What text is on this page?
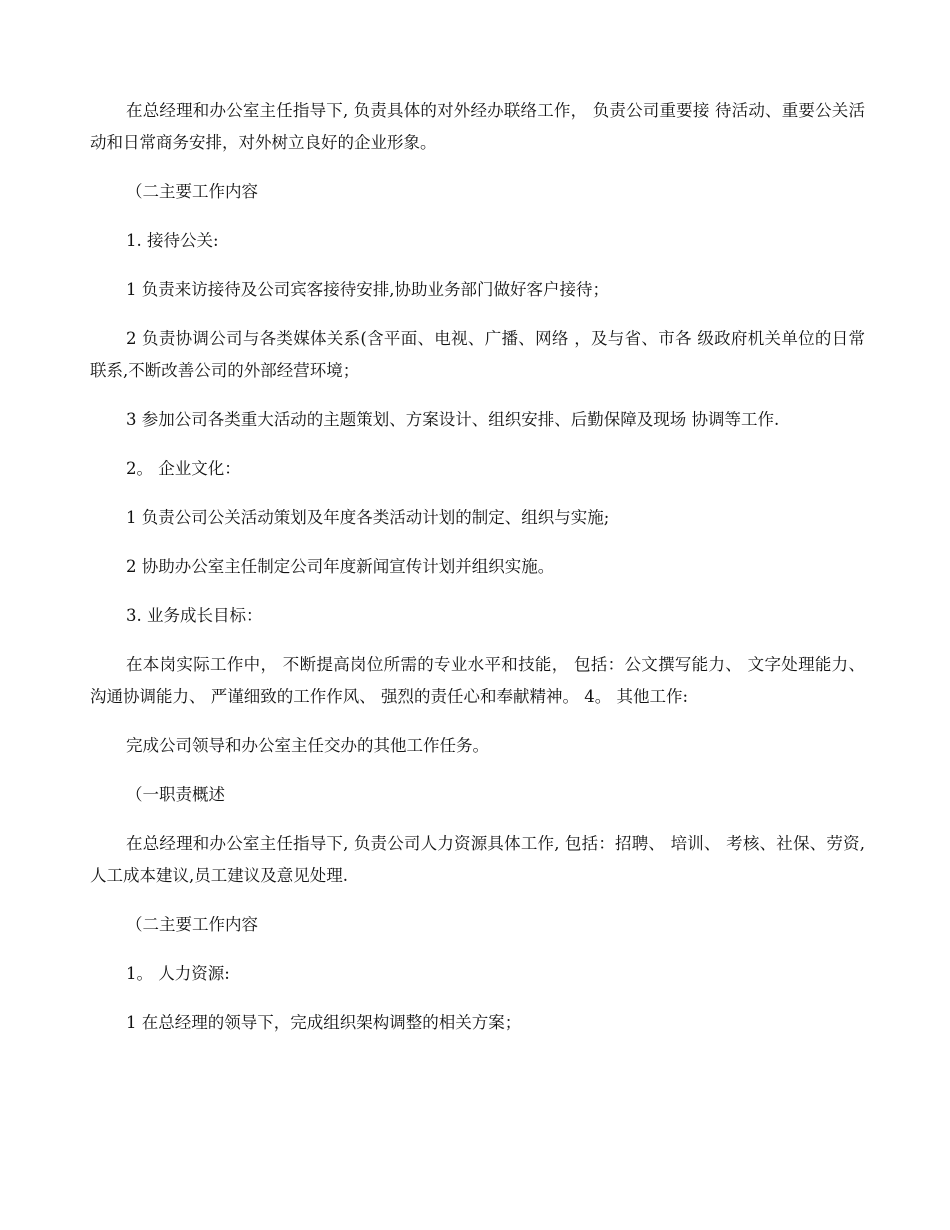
在总经理和办公室主任指导下, 负责具体的对外经办联络工作， 负责公司重要接 待活动、重要公关活动和日常商务安排，对外树立良好的企业形象。

（二主要工作内容

1. 接待公关:

1 负责来访接待及公司宾客接待安排,协助业务部门做好客户接待；

2 负责协调公司与各类媒体关系(含平面、电视、广播、网络 ，及与省、市各 级政府机关单位的日常联系,不断改善公司的外部经营环境；

3 参加公司各类重大活动的主题策划、方案设计、组织安排、后勤保障及现场 协调等工作.

2。 企业文化：

1 负责公司公关活动策划及年度各类活动计划的制定、组织与实施;

2 协助办公室主任制定公司年度新闻宣传计划并组织实施。

3. 业务成长目标：

在本岗实际工作中， 不断提高岗位所需的专业水平和技能， 包括：公文撰写能力、 文字处理能力、 沟通协调能力、 严谨细致的工作作风、 强烈的责任心和奉献精神。 4。 其他工作:

完成公司领导和办公室主任交办的其他工作任务。

（一职责概述

在总经理和办公室主任指导下, 负责公司人力资源具体工作, 包括：招聘、 培训、 考核、社保、劳资,人工成本建议,员工建议及意见处理.

（二主要工作内容

1。 人力资源:

1 在总经理的领导下，完成组织架构调整的相关方案；
